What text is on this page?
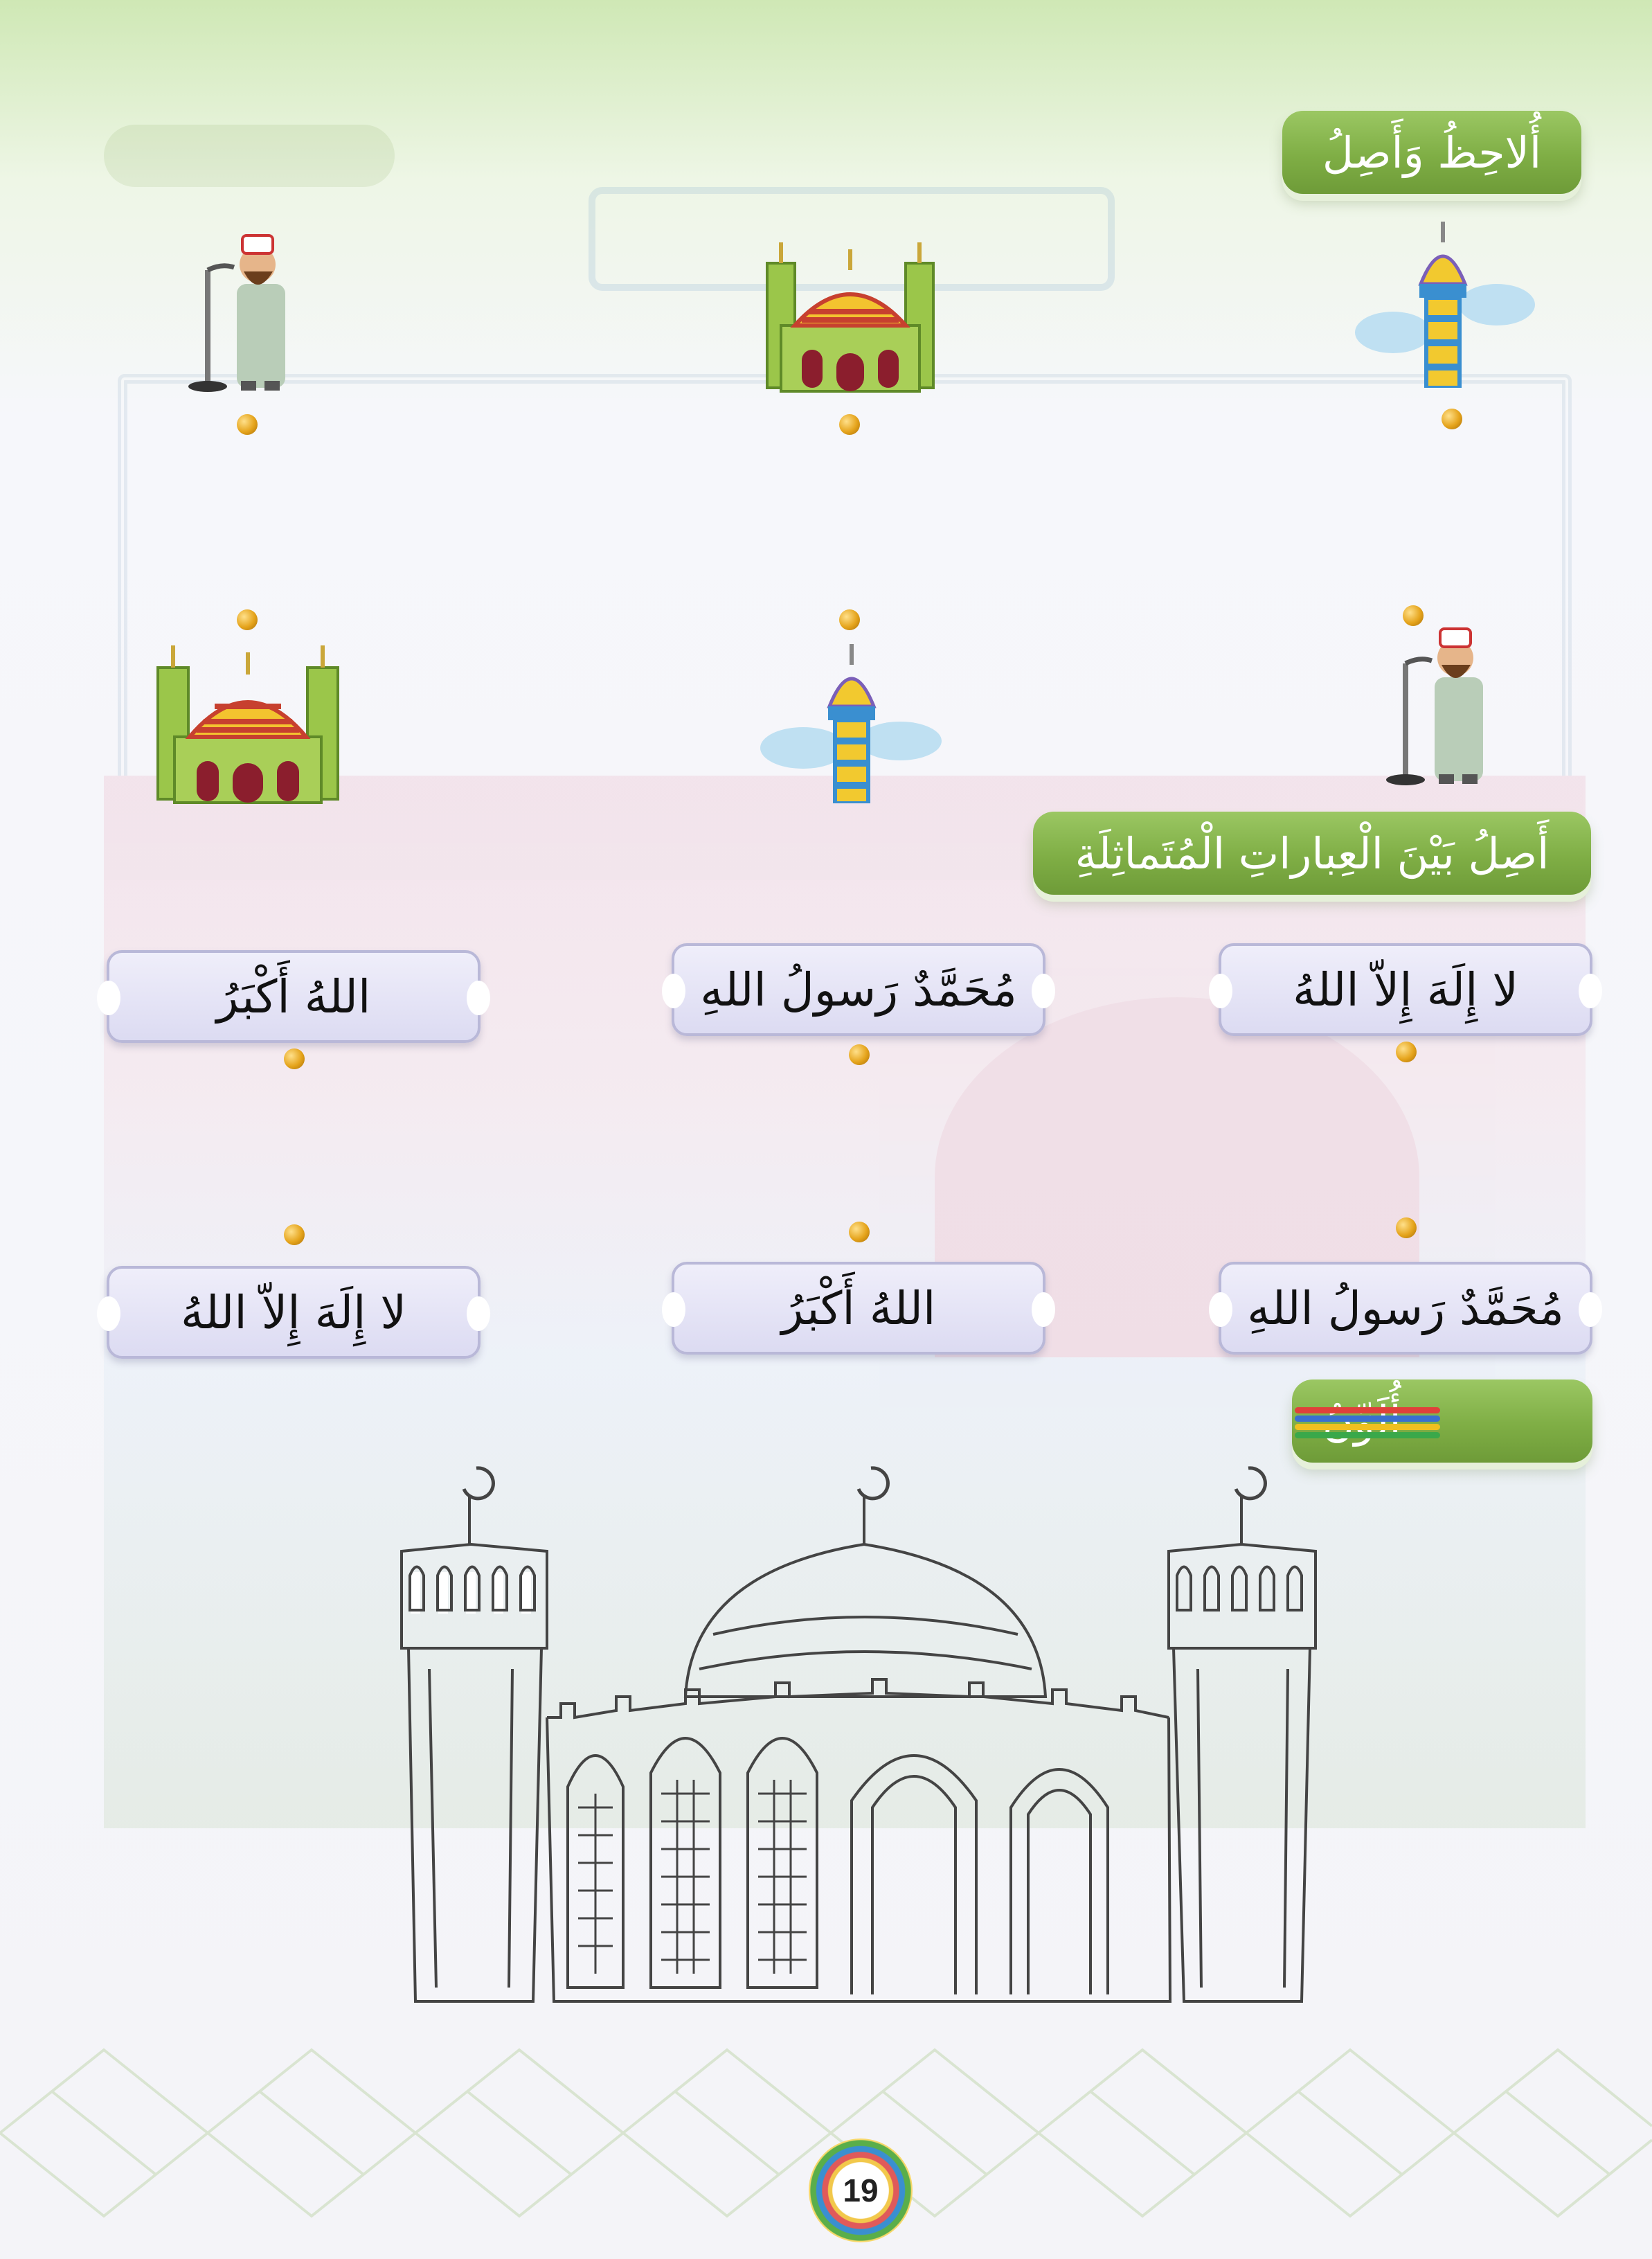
أُلاحِظُ وَأَصِلُ
أَصِلُ بَيْنَ الْعِباراتِ الْمُتَماثِلَةِ
لا إِلَهَ إِلاّ اللهُ
مُحَمَّدٌ رَسولُ اللهِ
اللهُ أَكْبَرُ
مُحَمَّدٌ رَسولُ اللهِ
اللهُ أَكْبَرُ
لا إِلَهَ إِلاّ اللهُ
19
